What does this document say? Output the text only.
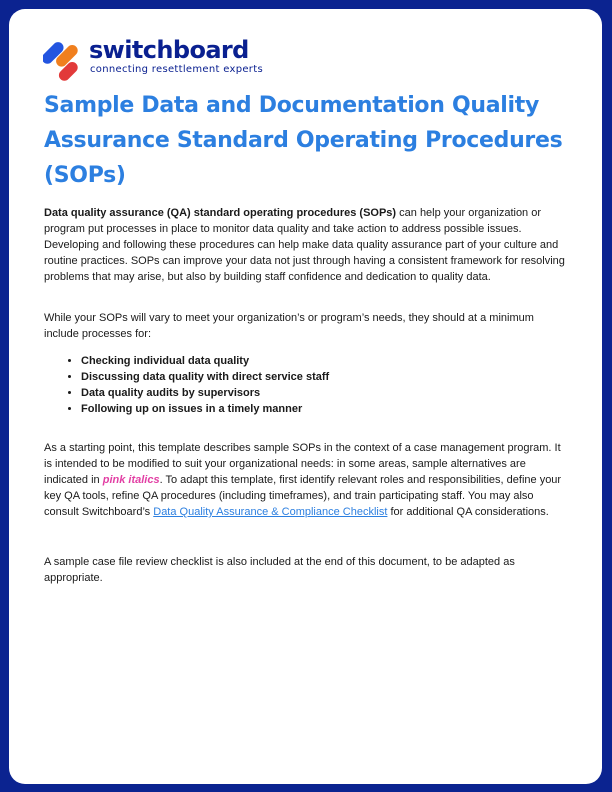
switchboard
connecting resettlement experts
Sample Data and Documentation Quality Assurance Standard Operating Procedures (SOPs)

Data quality assurance (QA) standard operating procedures (SOPs) can help your organization or program put processes in place to monitor data quality and take action to address possible issues. Developing and following these procedures can help make data quality assurance part of your culture and routine practices. SOPs can improve your data not just through having a consistent framework for resolving problems that may arise, but also by building staff confidence and dedication to quality data.

While your SOPs will vary to meet your organization’s or program’s needs, they should at a minimum include processes for:

• Checking individual data quality
• Discussing data quality with direct service staff
• Data quality audits by supervisors
• Following up on issues in a timely manner

As a starting point, this template describes sample SOPs in the context of a case management program. It is intended to be modified to suit your organizational needs: in some areas, sample alternatives are indicated in pink italics. To adapt this template, first identify relevant roles and responsibilities, define your key QA tools, refine QA procedures (including timeframes), and train participating staff. You may also consult Switchboard’s Data Quality Assurance & Compliance Checklist for additional QA considerations.

A sample case file review checklist is also included at the end of this document, to be adapted as appropriate.
